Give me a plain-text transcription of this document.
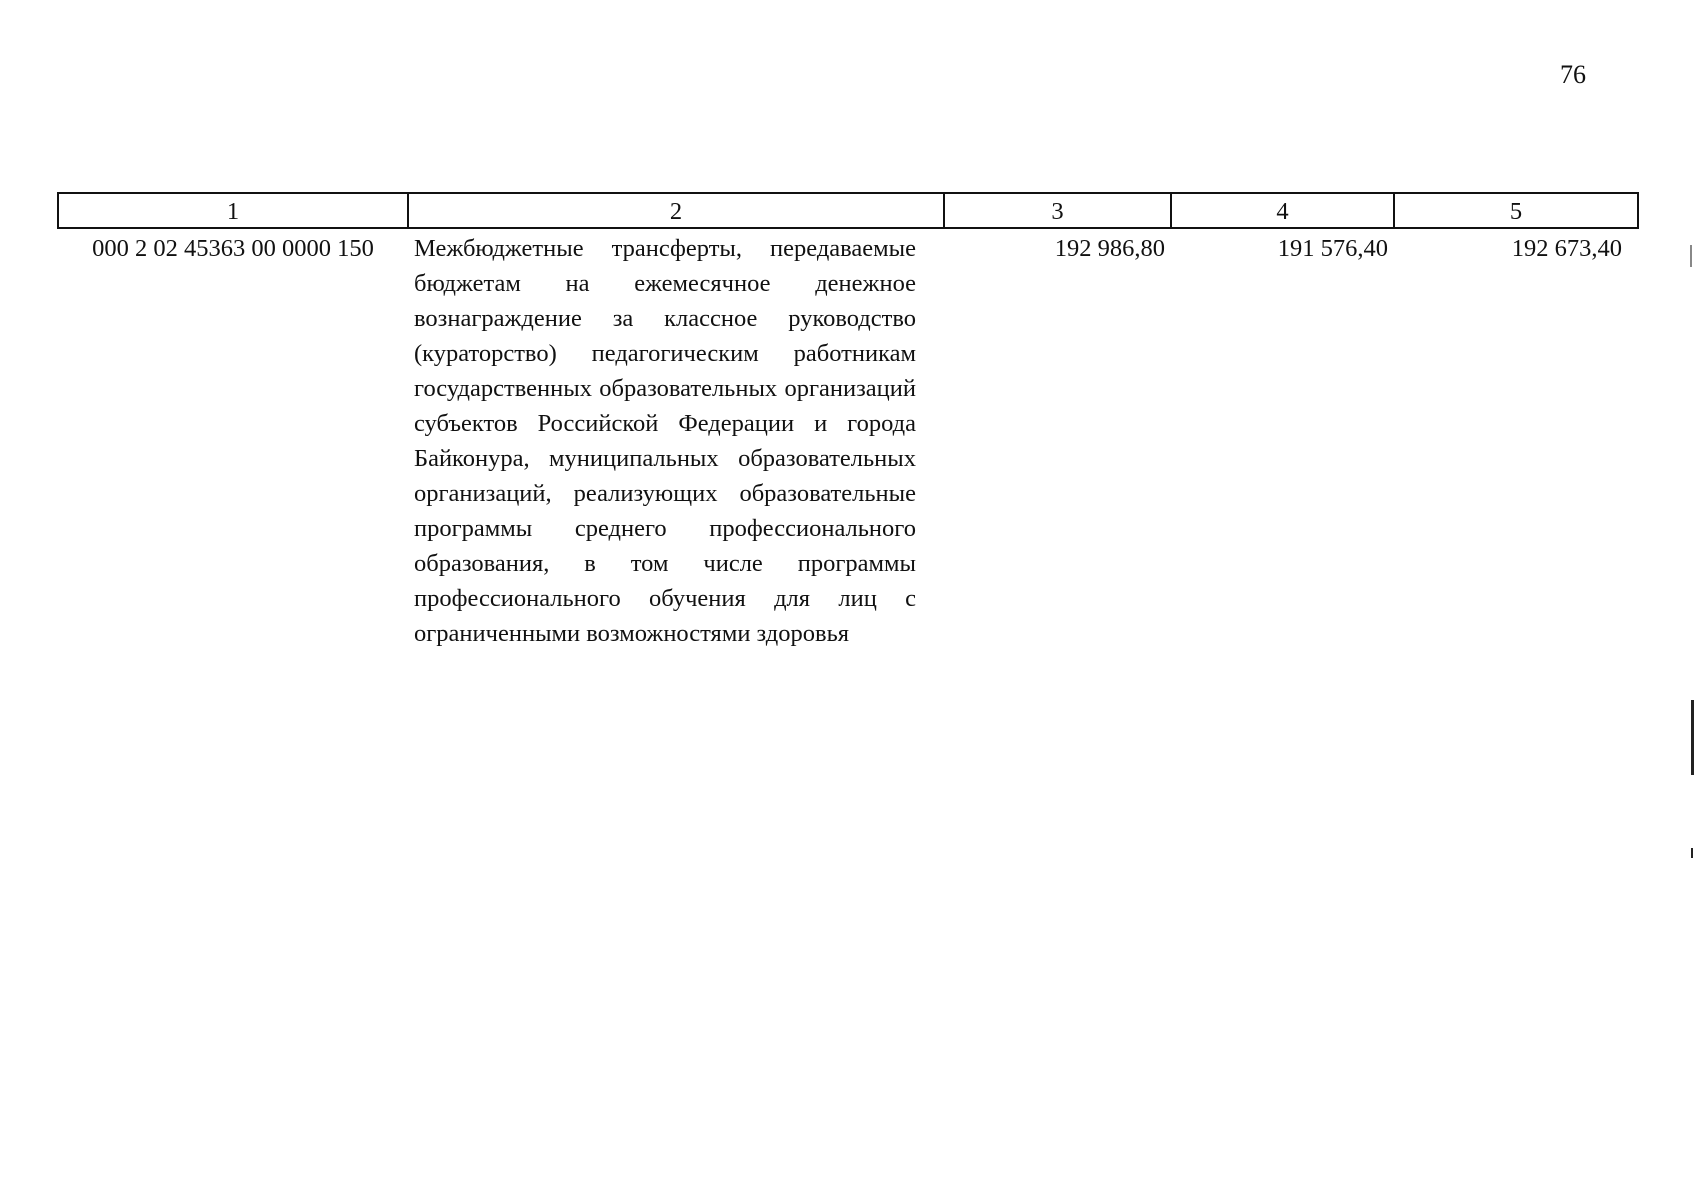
76
1	2	3	4	5
000 2 02 45363 00 0000 150	Межбюджетные трансферты, передаваемые бюджетам на ежемесячное денежное вознаграждение за классное руководство (кураторство) педагогическим работникам государственных образовательных организаций субъектов Российской Федерации и города Байконура, муниципальных образовательных организаций, реализующих образовательные программы среднего профессионального образования, в том числе программы профессионального обучения для лиц с ограниченными возможностями здоровья	192 986,80	191 576,40	192 673,40
